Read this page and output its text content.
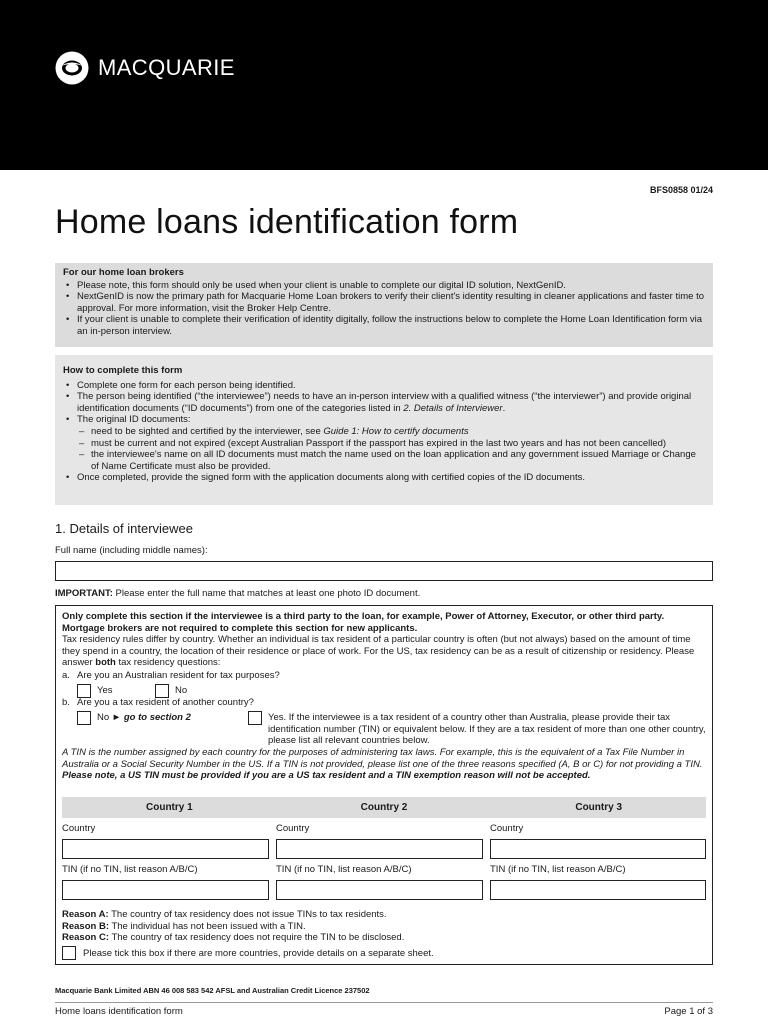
MACQUARIE
BFS0858 01/24
Home loans identification form
For our home loan brokers
• Please note, this form should only be used when your client is unable to complete our digital ID solution, NextGenID.
• NextGenID is now the primary path for Macquarie Home Loan brokers to verify their client's identity resulting in cleaner applications and faster time to approval. For more information, visit the Broker Help Centre.
• If your client is unable to complete their verification of identity digitally, follow the instructions below to complete the Home Loan Identification form via an in-person interview.
How to complete this form
• Complete one form for each person being identified.
• The person being identified (“the interviewee”) needs to have an in-person interview with a qualified witness (“the interviewer”) and provide original identification documents (“ID documents”) from one of the categories listed in 2. Details of Interviewer.
• The original ID documents:
– need to be sighted and certified by the interviewer, see Guide 1: How to certify documents
– must be current and not expired (except Australian Passport if the passport has expired in the last two years and has not been cancelled)
– the interviewee's name on all ID documents must match the name used on the loan application and any government issued Marriage or Change of Name Certificate must also be provided.
• Once completed, provide the signed form with the application documents along with certified copies of the ID documents.
1. Details of interviewee
Full name (including middle names):
IMPORTANT: Please enter the full name that matches at least one photo ID document.
Only complete this section if the interviewee is a third party to the loan, for example, Power of Attorney, Executor, or other third party. Mortgage brokers are not required to complete this section for new applicants.
Tax residency rules differ by country. Whether an individual is tax resident of a particular country is often (but not always) based on the amount of time they spend in a country, the location of their residence or place of work. For the US, tax residency can be as a result of citizenship or residency. Please answer both tax residency questions:
a. Are you an Australian resident for tax purposes?
Yes	No
b. Are you a tax resident of another country?
No ► go to section 2	Yes. If the interviewee is a tax resident of a country other than Australia, please provide their tax identification number (TIN) or equivalent below. If they are a tax resident of more than one other country, please list all relevant countries below.
A TIN is the number assigned by each country for the purposes of administering tax laws. For example, this is the equivalent of a Tax File Number in Australia or a Social Security Number in the US. If a TIN is not provided, please list one of the three reasons specified (A, B or C) for not providing a TIN. Please note, a US TIN must be provided if you are a US tax resident and a TIN exemption reason will not be accepted.
Country 1	Country 2	Country 3
Country	Country	Country
TIN (if no TIN, list reason A/B/C)	TIN (if no TIN, list reason A/B/C)	TIN (if no TIN, list reason A/B/C)
Reason A: The country of tax residency does not issue TINs to tax residents.
Reason B: The individual has not been issued with a TIN.
Reason C: The country of tax residency does not require the TIN to be disclosed.
Please tick this box if there are more countries, provide details on a separate sheet.
Macquarie Bank Limited ABN 46 008 583 542 AFSL and Australian Credit Licence 237502
Home loans identification form	Page 1 of 3
